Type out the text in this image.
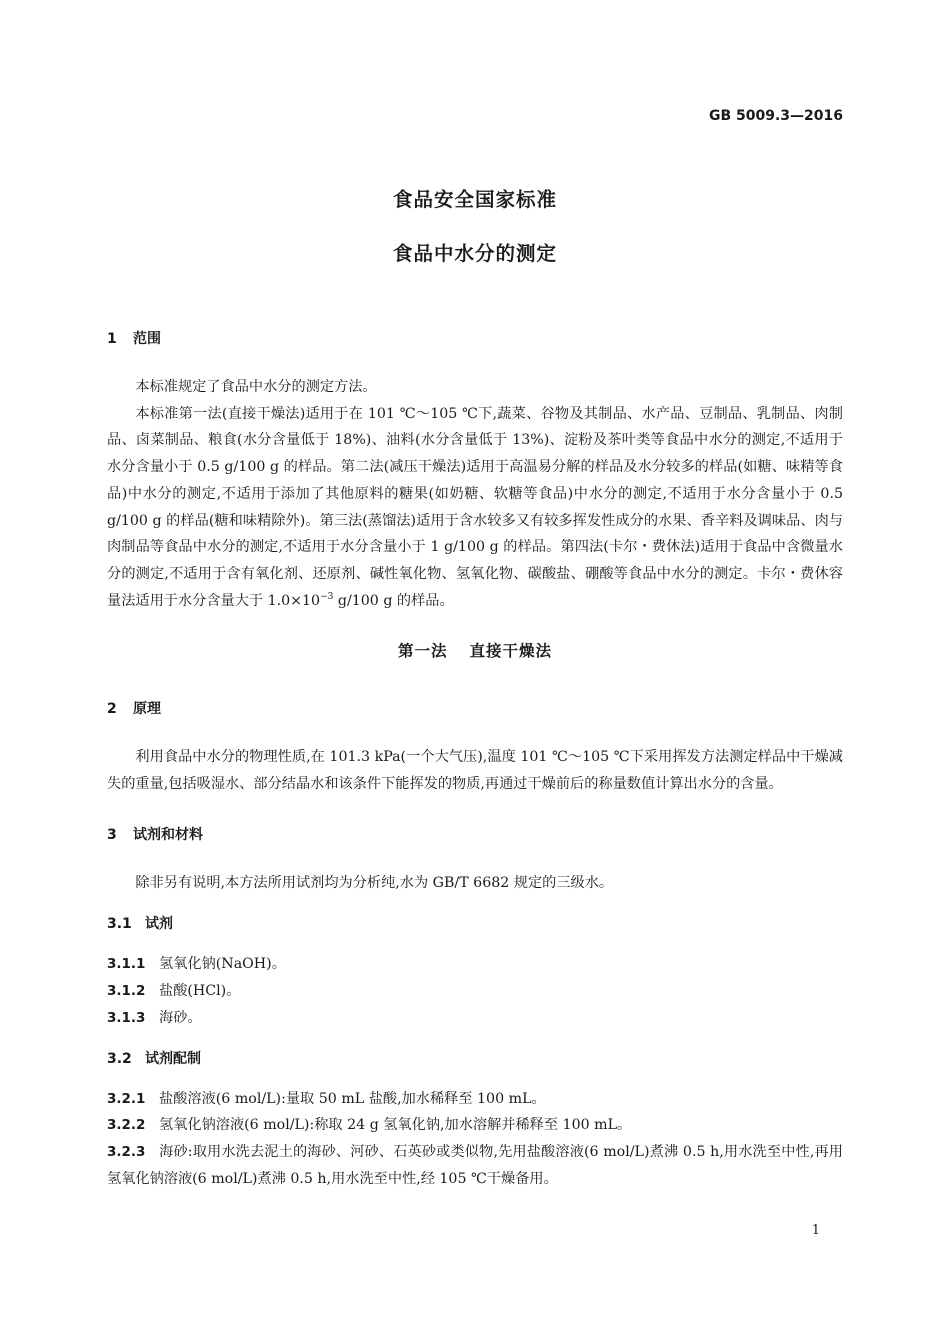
GB 5009.3—2016
食品安全国家标准
食品中水分的测定
1 范围

本标准规定了食品中水分的测定方法。

本标准第一法(直接干燥法)适用于在 101 ℃～105 ℃下,蔬菜、谷物及其制品、水产品、豆制品、乳制品、肉制品、卤菜制品、粮食(水分含量低于 18%)、油料(水分含量低于 13%)、淀粉及茶叶类等食品中水分的测定,不适用于水分含量小于 0.5 g/100 g 的样品。第二法(减压干燥法)适用于高温易分解的样品及水分较多的样品(如糖、味精等食品)中水分的测定,不适用于添加了其他原料的糖果(如奶糖、软糖等食品)中水分的测定,不适用于水分含量小于 0.5 g/100 g 的样品(糖和味精除外)。第三法(蒸馏法)适用于含水较多又有较多挥发性成分的水果、香辛料及调味品、肉与肉制品等食品中水分的测定,不适用于水分含量小于 1 g/100 g 的样品。第四法(卡尔・费休法)适用于食品中含微量水分的测定,不适用于含有氧化剂、还原剂、碱性氧化物、氢氧化物、碳酸盐、硼酸等食品中水分的测定。卡尔・费休容量法适用于水分含量大于 $1.0\times 10^{-3}$ g/100 g 的样品。

第一法 直接干燥法
2 原理

利用食品中水分的物理性质,在 101.3 kPa(一个大气压),温度 101 ℃～105 ℃下采用挥发方法测定样品中干燥减失的重量,包括吸湿水、部分结晶水和该条件下能挥发的物质,再通过干燥前后的称量数值计算出水分的含量。

3 试剂和材料

除非另有说明,本方法所用试剂均为分析纯,水为 GB/T 6682 规定的三级水。

3.1 试剂

3.1.1 氢氧化钠(NaOH)。

3.1.2 盐酸(HCl)。

3.1.3 海砂。

3.2 试剂配制

3.2.1 盐酸溶液(6 mol/L):量取 50 mL 盐酸,加水稀释至 100 mL。

3.2.2 氢氧化钠溶液(6 mol/L):称取 24 g 氢氧化钠,加水溶解并稀释至 100 mL。

3.2.3 海砂:取用水洗去泥土的海砂、河砂、石英砂或类似物,先用盐酸溶液(6 mol/L)煮沸 0.5 h,用水洗至中性,再用氢氧化钠溶液(6 mol/L)煮沸 0.5 h,用水洗至中性,经 105 ℃干燥备用。

1
